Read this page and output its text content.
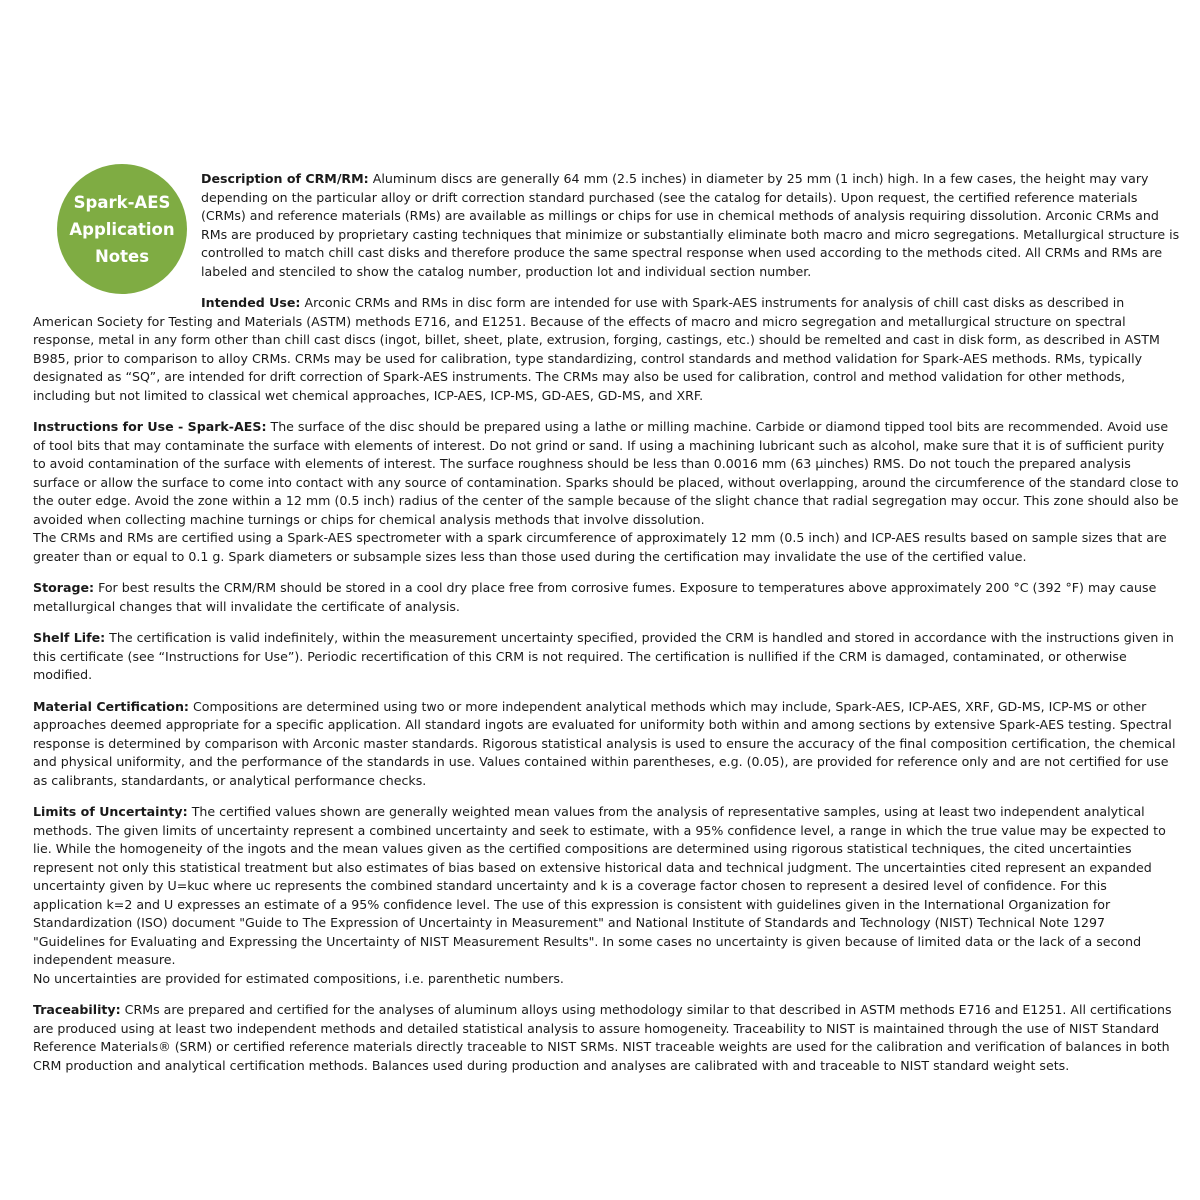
Spark-AES
Application
Notes

Description of CRM/RM: Aluminum discs are generally 64 mm (2.5 inches) in diameter by 25 mm (1 inch) high. In a few cases, the height may vary depending on the particular alloy or drift correction standard purchased (see the catalog for details). Upon request, the certified reference materials (CRMs) and reference materials (RMs) are available as millings or chips for use in chemical methods of analysis requiring dissolution. Arconic CRMs and RMs are produced by proprietary casting techniques that minimize or substantially eliminate both macro and micro segregations. Metallurgical structure is controlled to match chill cast disks and therefore produce the same spectral response when used according to the methods cited. All CRMs and RMs are labeled and stenciled to show the catalog number, production lot and individual section number.

Intended Use: Arconic CRMs and RMs in disc form are intended for use with Spark-AES instruments for analysis of chill cast disks as described in American Society for Testing and Materials (ASTM) methods E716, and E1251. Because of the effects of macro and micro segregation and metallurgical structure on spectral response, metal in any form other than chill cast discs (ingot, billet, sheet, plate, extrusion, forging, castings, etc.) should be remelted and cast in disk form, as described in ASTM B985, prior to comparison to alloy CRMs. CRMs may be used for calibration, type standardizing, control standards and method validation for Spark-AES methods. RMs, typically designated as “SQ”, are intended for drift correction of Spark-AES instruments. The CRMs may also be used for calibration, control and method validation for other methods, including but not limited to classical wet chemical approaches, ICP-AES, ICP-MS, GD-AES, GD-MS, and XRF.

Instructions for Use - Spark-AES: The surface of the disc should be prepared using a lathe or milling machine. Carbide or diamond tipped tool bits are recommended. Avoid use of tool bits that may contaminate the surface with elements of interest. Do not grind or sand. If using a machining lubricant such as alcohol, make sure that it is of sufficient purity to avoid contamination of the surface with elements of interest. The surface roughness should be less than 0.0016 mm (63 µinches) RMS. Do not touch the prepared analysis surface or allow the surface to come into contact with any source of contamination. Sparks should be placed, without overlapping, around the circumference of the standard close to the outer edge. Avoid the zone within a 12 mm (0.5 inch) radius of the center of the sample because of the slight chance that radial segregation may occur. This zone should also be avoided when collecting machine turnings or chips for chemical analysis methods that involve dissolution.
The CRMs and RMs are certified using a Spark-AES spectrometer with a spark circumference of approximately 12 mm (0.5 inch) and ICP-AES results based on sample sizes that are greater than or equal to 0.1 g. Spark diameters or subsample sizes less than those used during the certification may invalidate the use of the certified value.

Storage: For best results the CRM/RM should be stored in a cool dry place free from corrosive fumes. Exposure to temperatures above approximately 200 °C (392 °F) may cause metallurgical changes that will invalidate the certificate of analysis.

Shelf Life: The certification is valid indefinitely, within the measurement uncertainty specified, provided the CRM is handled and stored in accordance with the instructions given in this certificate (see “Instructions for Use”). Periodic recertification of this CRM is not required. The certification is nullified if the CRM is damaged, contaminated, or otherwise modified.

Material Certification: Compositions are determined using two or more independent analytical methods which may include, Spark-AES, ICP-AES, XRF, GD-MS, ICP-MS or other approaches deemed appropriate for a specific application. All standard ingots are evaluated for uniformity both within and among sections by extensive Spark-AES testing. Spectral response is determined by comparison with Arconic master standards. Rigorous statistical analysis is used to ensure the accuracy of the final composition certification, the chemical and physical uniformity, and the performance of the standards in use. Values contained within parentheses, e.g. (0.05), are provided for reference only and are not certified for use as calibrants, standardants, or analytical performance checks.

Limits of Uncertainty: The certified values shown are generally weighted mean values from the analysis of representative samples, using at least two independent analytical methods. The given limits of uncertainty represent a combined uncertainty and seek to estimate, with a 95% confidence level, a range in which the true value may be expected to lie. While the homogeneity of the ingots and the mean values given as the certified compositions are determined using rigorous statistical techniques, the cited uncertainties represent not only this statistical treatment but also estimates of bias based on extensive historical data and technical judgment. The uncertainties cited represent an expanded uncertainty given by U=kuc where uc represents the combined standard uncertainty and k is a coverage factor chosen to represent a desired level of confidence. For this application k=2 and U expresses an estimate of a 95% confidence level. The use of this expression is consistent with guidelines given in the International Organization for Standardization (ISO) document "Guide to The Expression of Uncertainty in Measurement" and National Institute of Standards and Technology (NIST) Technical Note 1297 "Guidelines for Evaluating and Expressing the Uncertainty of NIST Measurement Results". In some cases no uncertainty is given because of limited data or the lack of a second independent measure.
No uncertainties are provided for estimated compositions, i.e. parenthetic numbers.

Traceability: CRMs are prepared and certified for the analyses of aluminum alloys using methodology similar to that described in ASTM methods E716 and E1251. All certifications are produced using at least two independent methods and detailed statistical analysis to assure homogeneity. Traceability to NIST is maintained through the use of NIST Standard Reference Materials® (SRM) or certified reference materials directly traceable to NIST SRMs. NIST traceable weights are used for the calibration and verification of balances in both CRM production and analytical certification methods. Balances used during production and analyses are calibrated with and traceable to NIST standard weight sets.
